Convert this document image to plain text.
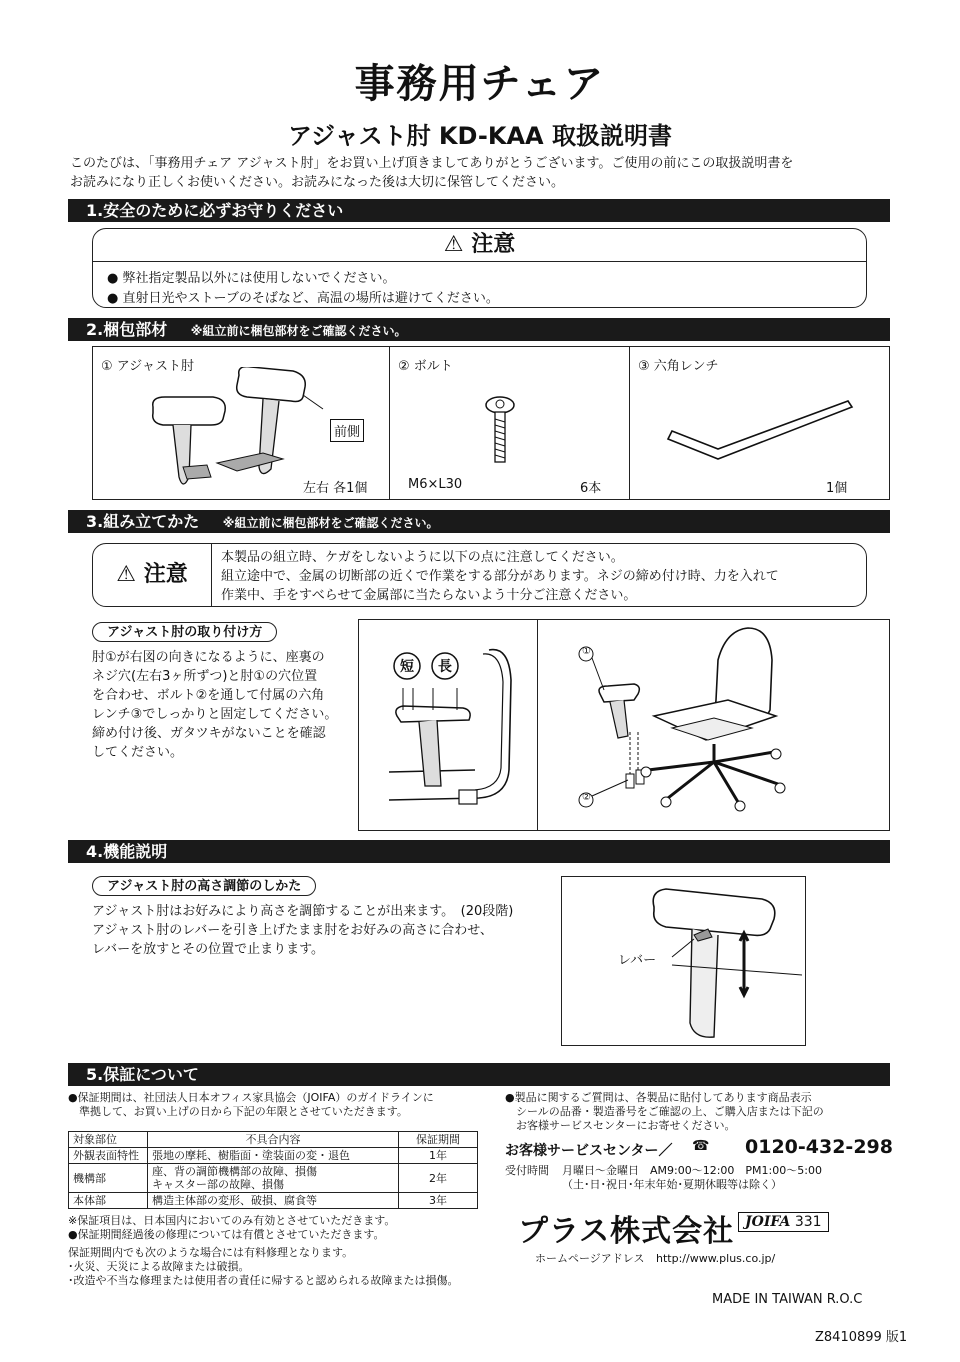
事務用チェア
アジャスト肘 KD-KAA 取扱説明書
このたびは、「事務用チェア アジャスト肘」をお買い上げ頂きましてありがとうございます。ご使用の前にこの取扱説明書を
お読みになり正しくお使いください。お読みになった後は大切に保管してください。
1.安全のために必ずお守りください
⚠ 注意
● 弊社指定製品以外には使用しないでください。
● 直射日光やストーブのそばなど、高温の場所は避けてください。
2.梱包部材 ※組立前に梱包部材をご確認ください。
① アジャスト肘
前側
左右 各1個
② ボルト
M6×L30	6本
③ 六角レンチ
1個
3.組み立てかた ※組立前に梱包部材をご確認ください。
⚠ 注意
本製品の組立時、ケガをしないように以下の点に注意してください。
組立途中で、金属の切断部の近くで作業をする部分があります。ネジの締め付け時、力を入れて
作業中、手をすべらせて金属部に当たらないよう十分ご注意ください。
アジャスト肘の取り付け方
肘①が右図の向きになるように、座裏の
ネジ穴(左右3ヶ所ずつ)と肘①の穴位置
を合わせ、ボルト②を通して付属の六角
レンチ③でしっかりと固定してください。
締め付け後、ガタツキがないことを確認
してください。
短 長
①
②
4.機能説明
アジャスト肘の高さ調節のしかた
アジャスト肘はお好みにより高さを調節することが出来ます。　(20段階)
アジャスト肘のレバーを引き上げたまま肘をお好みの高さに合わせ、
レバーを放すとその位置で止まります。
レバー
5.保証について
●保証期間は、社団法人日本オフィス家具協会（JOIFA）のガイドラインに
　準拠して、お買い上げの日から下記の年限とさせていただきます。
対象部位	不具合内容	保証期間
外観表面特性	張地の摩耗、樹脂面・塗装面の変・退色	1年
機構部	座、背の調節機構部の故障、損傷
キャスター部の故障、損傷	2年
本体部	構造主体部の変形、破損、腐食等	3年
※保証項目は、日本国内においてのみ有効とさせていただきます。
●保証期間経過後の修理については有償とさせていただきます。
保証期間内でも次のような場合には有料修理となります。
･火災、天災による故障または破損。
･改造や不当な修理または使用者の責任に帰すると認められる故障または損傷。
●製品に関するご質問は、各製品に貼付してあります商品表示
　シールの品番・製造番号をご確認の上、ご購入店または下記の
　お客様サービスセンターにお寄せください。
お客様サービスセンター／ ☎ 0120-432-298
受付時間 月曜日～金曜日　AM9:00～12:00　PM1:00～5:00
（土･日･祝日･年末年始･夏期休暇等は除く）
プラス株式会社 JOIFA 331
ホームページアドレス http://www.plus.co.jp/
MADE IN TAIWAN R.O.C
Z8410899 版1
